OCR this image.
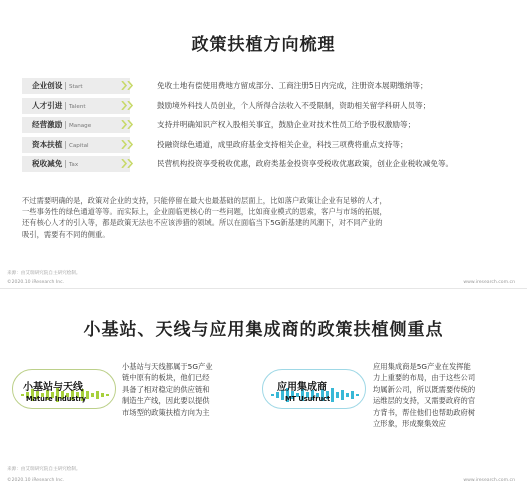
政策扶植方向梳理
企业创设 | Start	免收土地有偿使用费地方留成部分、工商注册5日内完成，注册资本展期缴纳等；
人才引进 | Talent	鼓励境外科技人员创业，个人所得合法收入不受限制，资助相关留学科研人员等；
经营激励 | Manage	支持并明确知识产权入股相关事宜，鼓励企业对技术性员工给予股权激励等；
资本扶植 | Capital	投融资绿色通道，成里政府基金支持相关企业，科技三项费将重点支持等；
税收减免 | Tax	民营机构投资享受税收优惠，政府类基金投资享受税收优惠政策，创业企业税收减免等。
不过需要明确的是，政策对企业的支持，只能停留在最大也最基础的层面上，比如落户政策让企业有足够的人才，
一些事务性的绿色通道等等。而实际上，企业面临更核心的一些问题，比如商业模式的思索，客户与市场的拓展，
还有核心人才的引入等，都是政策无法也不应该涉猎的领域。所以在面临当下5G新基建的风潮下，对不同产业的
吸引，需要有不同的侧重。
来源：由艾瑞研究院自主研究绘制。
©2020.10 iResearch Inc.	www.iresearch.com.cn
小基站、天线与应用集成商的政策扶植侧重点
小基站与天线
Mature Industry
小基站与天线都属于5G产业
链中原有的板块，他们已经
具备了相对稳定的供应链和
制造生产线，因此要以提供
市场型的政策扶植方向为主
应用集成商
MT Usufruct
应用集成商是5G产业在发挥能
力上重要的布局，由于这些公司
均属新公司，所以既需要传统的
运维层的支持，又需要政府的官
方背书，帮住他们也帮助政府树
立形象，形成聚集效应
来源：由艾瑞研究院自主研究绘制。
©2020.10 iResearch Inc.	www.iresearch.com.cn
